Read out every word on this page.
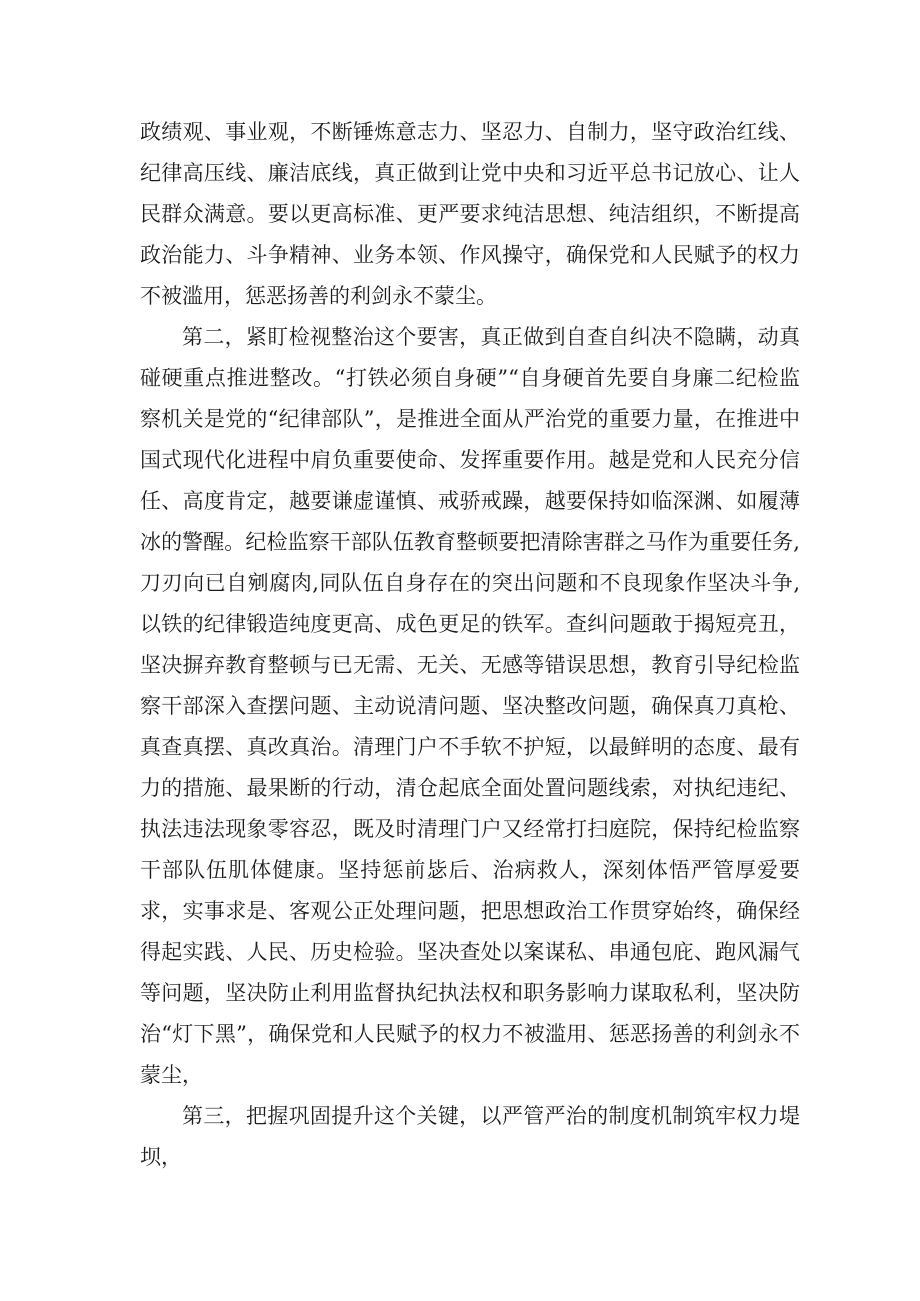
政绩观、事业观，不断锤炼意志力、坚忍力、自制力，坚守政治红线、纪律高压线、廉洁底线，真正做到让党中央和习近平总书记放心、让人民群众满意。要以更高标准、更严要求纯洁思想、纯洁组织，不断提高政治能力、斗争精神、业务本领、作风操守，确保党和人民赋予的权力不被滥用，惩恶扬善的利剑永不蒙尘。

第二，紧盯检视整治这个要害，真正做到自查自纠决不隐瞒，动真碰硬重点推进整改。“打铁必须自身硬”“自身硬首先要自身廉二纪检监察机关是党的“纪律部队”，是推进全面从严治党的重要力量，在推进中国式现代化进程中肩负重要使命、发挥重要作用。越是党和人民充分信任、高度肯定，越要谦虚谨慎、戒骄戒躁，越要保持如临深渊、如履薄冰的警醒。纪检监察干部队伍教育整顿要把清除害群之马作为重要任务,刀刃向已自剜腐肉,同队伍自身存在的突出问题和不良现象作坚决斗争,以铁的纪律锻造纯度更高、成色更足的铁军。查纠问题敢于揭短亮丑，坚决摒弃教育整顿与已无需、无关、无感等错误思想，教育引导纪检监察干部深入查摆问题、主动说清问题、坚决整改问题，确保真刀真枪、真查真摆、真改真治。清理门户不手软不护短，以最鲜明的态度、最有力的措施、最果断的行动，清仓起底全面处置问题线索，对执纪违纪、执法违法现象零容忍，既及时清理门户又经常打扫庭院，保持纪检监察干部队伍肌体健康。坚持惩前毖后、治病救人，深刻体悟严管厚爱要求，实事求是、客观公正处理问题，把思想政治工作贯穿始终，确保经得起实践、人民、历史检验。坚决查处以案谋私、串通包庇、跑风漏气等问题，坚决防止利用监督执纪执法权和职务影响力谋取私利，坚决防治“灯下黑”，确保党和人民赋予的权力不被滥用、惩恶扬善的利剑永不蒙尘，

第三，把握巩固提升这个关键，以严管严治的制度机制筑牢权力堤坝，
